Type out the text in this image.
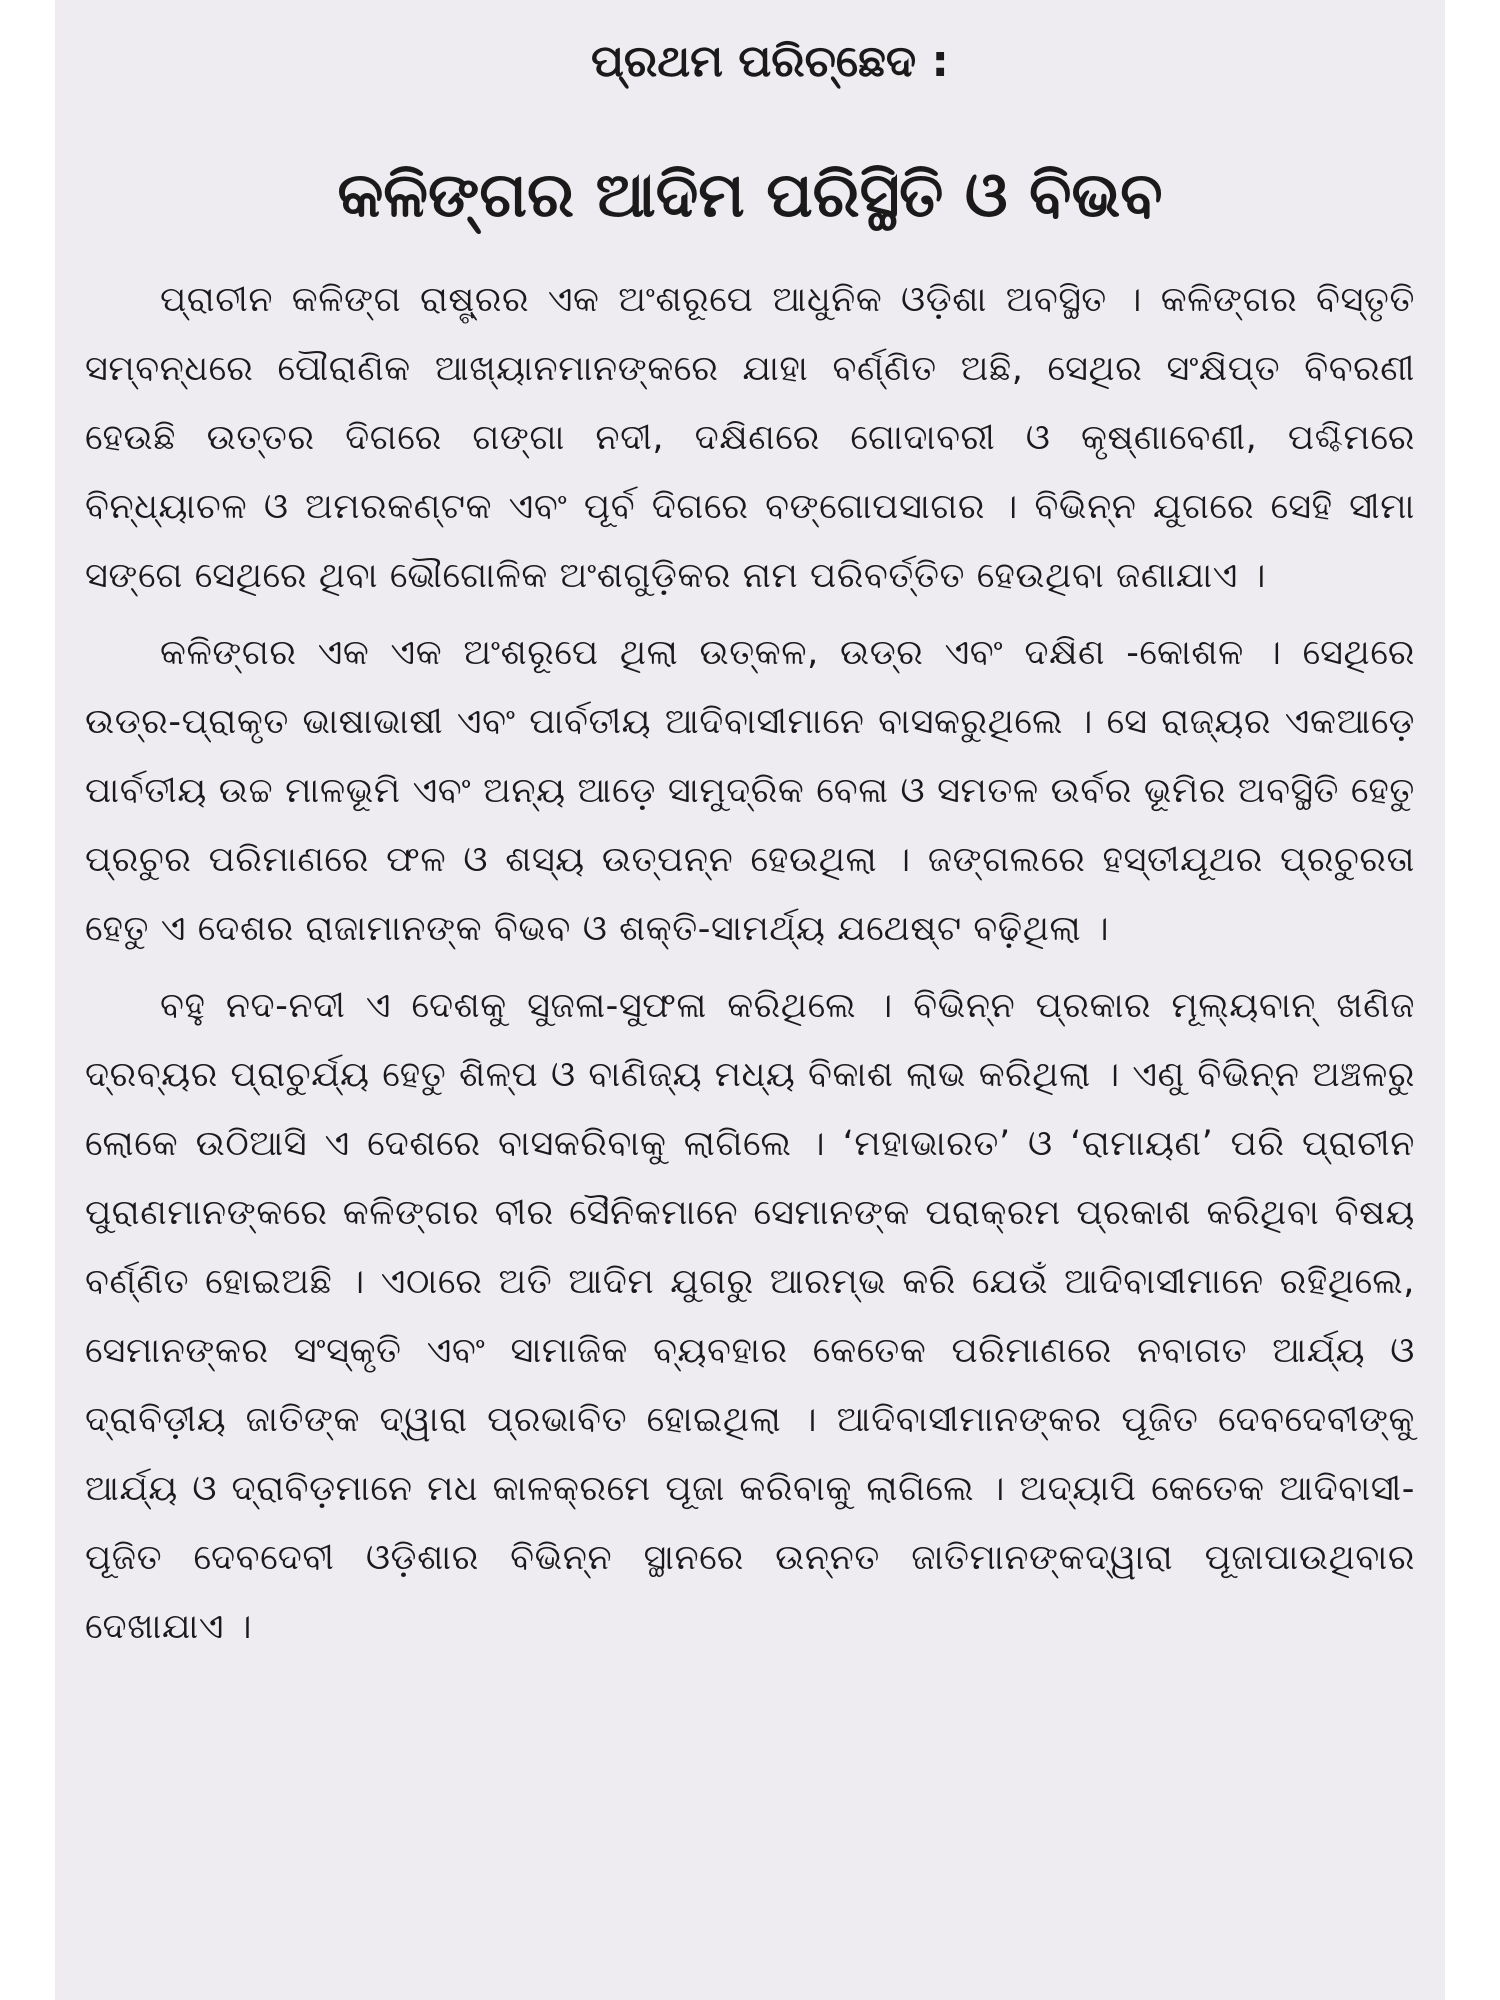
ପ୍ରଥମ ପରିଚ୍ଛେଦ :
କଳିଙ୍ଗର ଆଦିମ ପରିସ୍ଥିତି ଓ ବିଭବ

ପ୍ରାଚୀନ କଳିଙ୍ଗ ରାଷ୍ଟ୍ରର ଏକ ଅଂଶରୂପେ ଆଧୁନିକ ଓଡ଼ିଶା ଅବସ୍ଥିତ । କଳିଙ୍ଗର ବିସ୍ତୃତି ସମ୍ବନ୍ଧରେ ପୌରାଣିକ ଆଖ୍ୟାନମାନଙ୍କରେ ଯାହା ବର୍ଣ୍ଣିତ ଅଛି, ସେଥିର ସଂକ୍ଷିପ୍ତ ବିବରଣୀ ହେଉଛି ଉତ୍ତର ଦିଗରେ ଗଙ୍ଗା ନଦୀ, ଦକ୍ଷିଣରେ ଗୋଦାବରୀ ଓ କୃଷ୍ଣାବେଣୀ, ପଶ୍ଚିମରେ ବିନ୍ଧ୍ୟାଚଳ ଓ ଅମରକଣ୍ଟକ ଏବଂ ପୂର୍ବ ଦିଗରେ ବଙ୍ଗୋପସାଗର । ବିଭିନ୍ନ ଯୁଗରେ ସେହି ସୀମା ସଙ୍ଗେ ସେଥିରେ ଥିବା ଭୌଗୋଳିକ ଅଂଶଗୁଡ଼ିକର ନାମ ପରିବର୍ତ୍ତିତ ହେଉଥିବା ଜଣାଯାଏ ।

କଳିଙ୍ଗର ଏକ ଏକ ଅଂଶରୂପେ ଥିଲା ଉତ୍କଳ, ଉଡ୍ର ଏବଂ ଦକ୍ଷିଣ -କୋଶଳ । ସେଥିରେ ଉଡ୍ର-ପ୍ରାକୃତ ଭାଷାଭାଷୀ ଏବଂ ପାର୍ବତୀୟ ଆଦିବାସୀମାନେ ବାସକରୁଥିଲେ । ସେ ରାଜ୍ୟର ଏକଆଡ଼େ ପାର୍ବତୀୟ ଉଚ୍ଚ ମାଳଭୂମି ଏବଂ ଅନ୍ୟ ଆଡ଼େ ସାମୁଦ୍ରିକ ବେଳା ଓ ସମତଳ ଉର୍ବର ଭୂମିର ଅବସ୍ଥିତି ହେତୁ ପ୍ରଚୁର ପରିମାଣରେ ଫଳ ଓ ଶସ୍ୟ ଉତ୍ପନ୍ନ ହେଉଥିଲା । ଜଙ୍ଗଲରେ ହସ୍ତୀଯୂଥର ପ୍ରଚୁରତା ହେତୁ ଏ ଦେଶର ରାଜାମାନଙ୍କ ବିଭବ ଓ ଶକ୍ତି-ସାମର୍ଥ୍ୟ ଯଥେଷ୍ଟ ବଢ଼ିଥିଲା ।

ବହୁ ନଦ-ନଦୀ ଏ ଦେଶକୁ ସୁଜଳା-ସୁଫଳା କରିଥିଲେ । ବିଭିନ୍ନ ପ୍ରକାର ମୂଲ୍ୟବାନ୍ ଖଣିଜ ଦ୍ରବ୍ୟର ପ୍ରାଚୁର୍ଯ୍ୟ ହେତୁ ଶିଳ୍ପ ଓ ବାଣିଜ୍ୟ ମଧ୍ୟ ବିକାଶ ଲାଭ କରିଥିଲା । ଏଣୁ ବିଭିନ୍ନ ଅଞ୍ଚଳରୁ ଲୋକେ ଉଠିଆସି ଏ ଦେଶରେ ବାସକରିବାକୁ ଲାଗିଲେ । ‘ମହାଭାରତ’ ଓ ‘ରାମାୟଣ’ ପରି ପ୍ରାଚୀନ ପୁରାଣମାନଙ୍କରେ କଳିଙ୍ଗର ବୀର ସୈନିକମାନେ ସେମାନଙ୍କ ପରାକ୍ରମ ପ୍ରକାଶ କରିଥିବା ବିଷୟ ବର୍ଣ୍ଣିତ ହୋଇଅଛି । ଏଠାରେ ଅତି ଆଦିମ ଯୁଗରୁ ଆରମ୍ଭ କରି ଯେଉଁ ଆଦିବାସୀମାନେ ରହିଥିଲେ, ସେମାନଙ୍କର ସଂସ୍କୃତି ଏବଂ ସାମାଜିକ ବ୍ୟବହାର କେତେକ ପରିମାଣରେ ନବାଗତ ଆର୍ଯ୍ୟ ଓ ଦ୍ରାବିଡ଼ୀୟ ଜାତିଙ୍କ ଦ୍ୱାରା ପ୍ରଭାବିତ ହୋଇଥିଲା । ଆଦିବାସୀମାନଙ୍କର ପୂଜିତ ଦେବଦେବୀଙ୍କୁ ଆର୍ଯ୍ୟ ଓ ଦ୍ରାବିଡ଼ମାନେ ମଧ କାଳକ୍ରମେ ପୂଜା କରିବାକୁ ଲାଗିଲେ । ଅଦ୍ୟାପି କେତେକ ଆଦିବାସୀ-ପୂଜିତ ଦେବଦେବୀ ଓଡ଼ିଶାର ବିଭିନ୍ନ ସ୍ଥାନରେ ଉନ୍ନତ ଜାତିମାନଙ୍କଦ୍ୱାରା ପୂଜାପାଉଥିବାର ଦେଖାଯାଏ ।
